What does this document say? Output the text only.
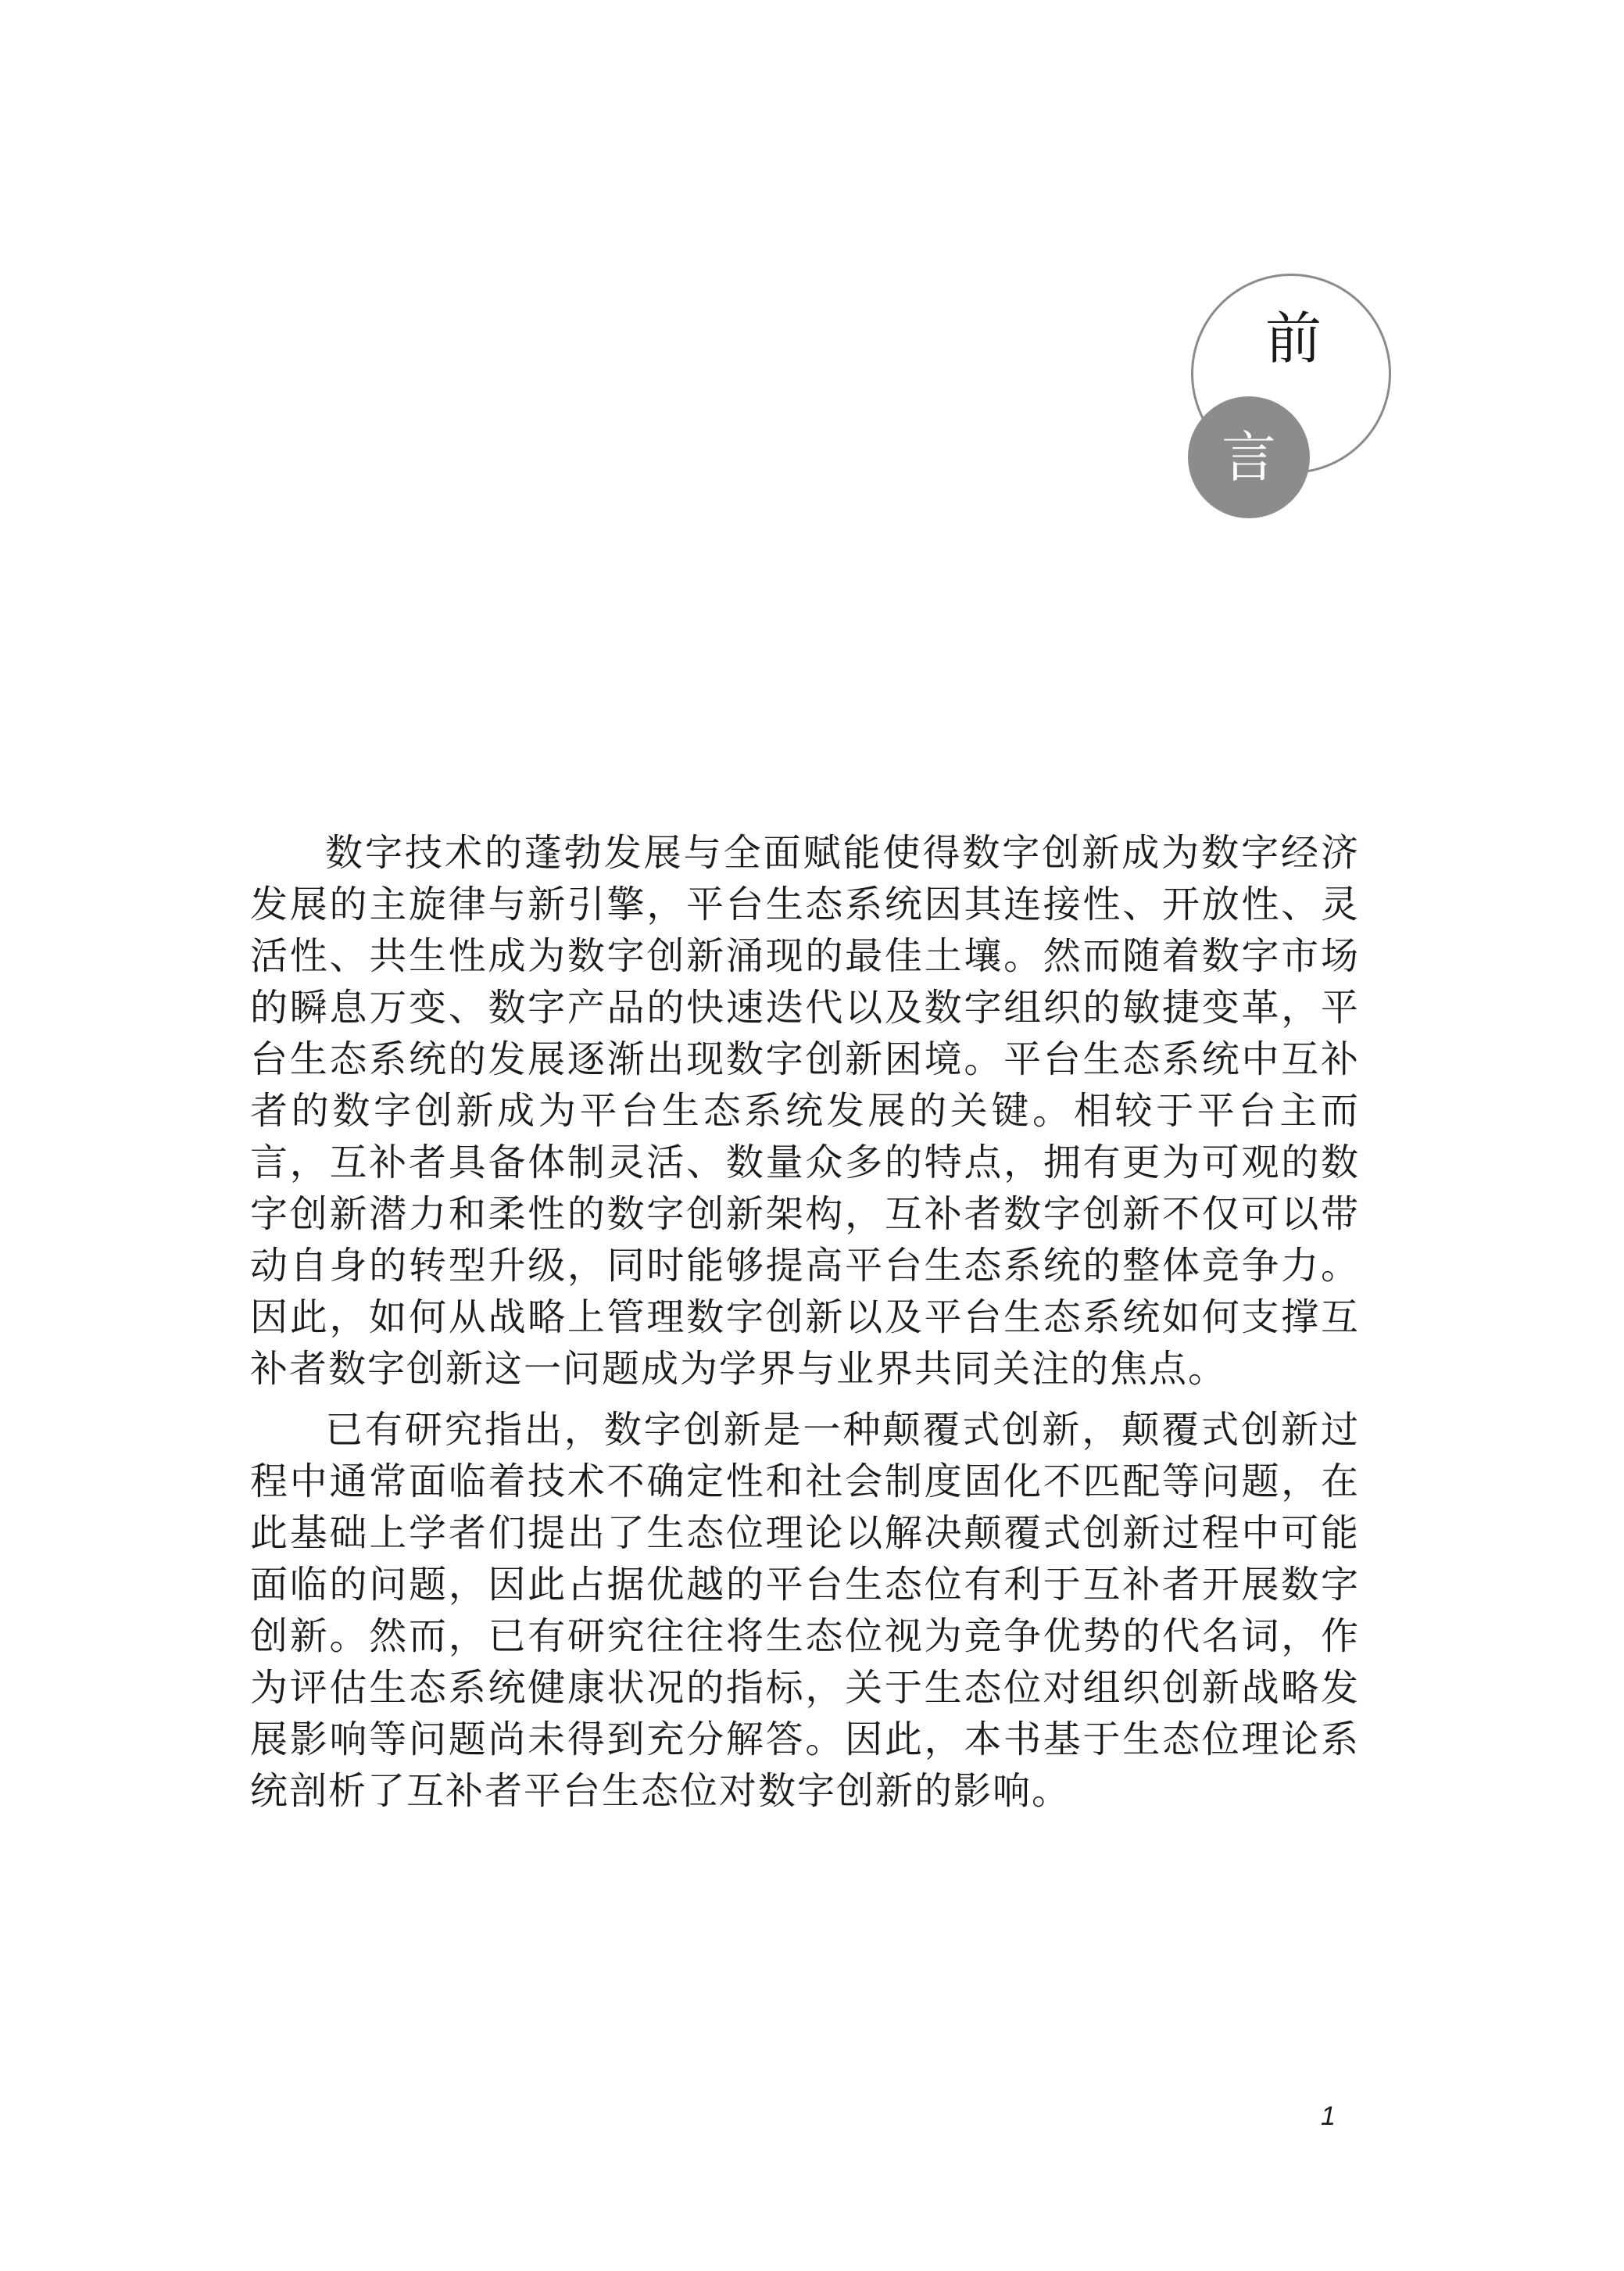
前
言

数字技术的蓬勃发展与全面赋能使得数字创新成为数字经济发展的主旋律与新引擎，平台生态系统因其连接性、开放性、灵活性、共生性成为数字创新涌现的最佳土壤。然而随着数字市场的瞬息万变、数字产品的快速迭代以及数字组织的敏捷变革，平台生态系统的发展逐渐出现数字创新困境。平台生态系统中互补者的数字创新成为平台生态系统发展的关键。相较于平台主而言，互补者具备体制灵活、数量众多的特点，拥有更为可观的数字创新潜力和柔性的数字创新架构，互补者数字创新不仅可以带动自身的转型升级，同时能够提高平台生态系统的整体竞争力。因此，如何从战略上管理数字创新以及平台生态系统如何支撑互补者数字创新这一问题成为学界与业界共同关注的焦点。

已有研究指出，数字创新是一种颠覆式创新，颠覆式创新过程中通常面临着技术不确定性和社会制度固化不匹配等问题，在此基础上学者们提出了生态位理论以解决颠覆式创新过程中可能面临的问题，因此占据优越的平台生态位有利于互补者开展数字创新。然而，已有研究往往将生态位视为竞争优势的代名词，作为评估生态系统健康状况的指标，关于生态位对组织创新战略发展影响等问题尚未得到充分解答。因此，本书基于生态位理论系统剖析了互补者平台生态位对数字创新的影响。

1
